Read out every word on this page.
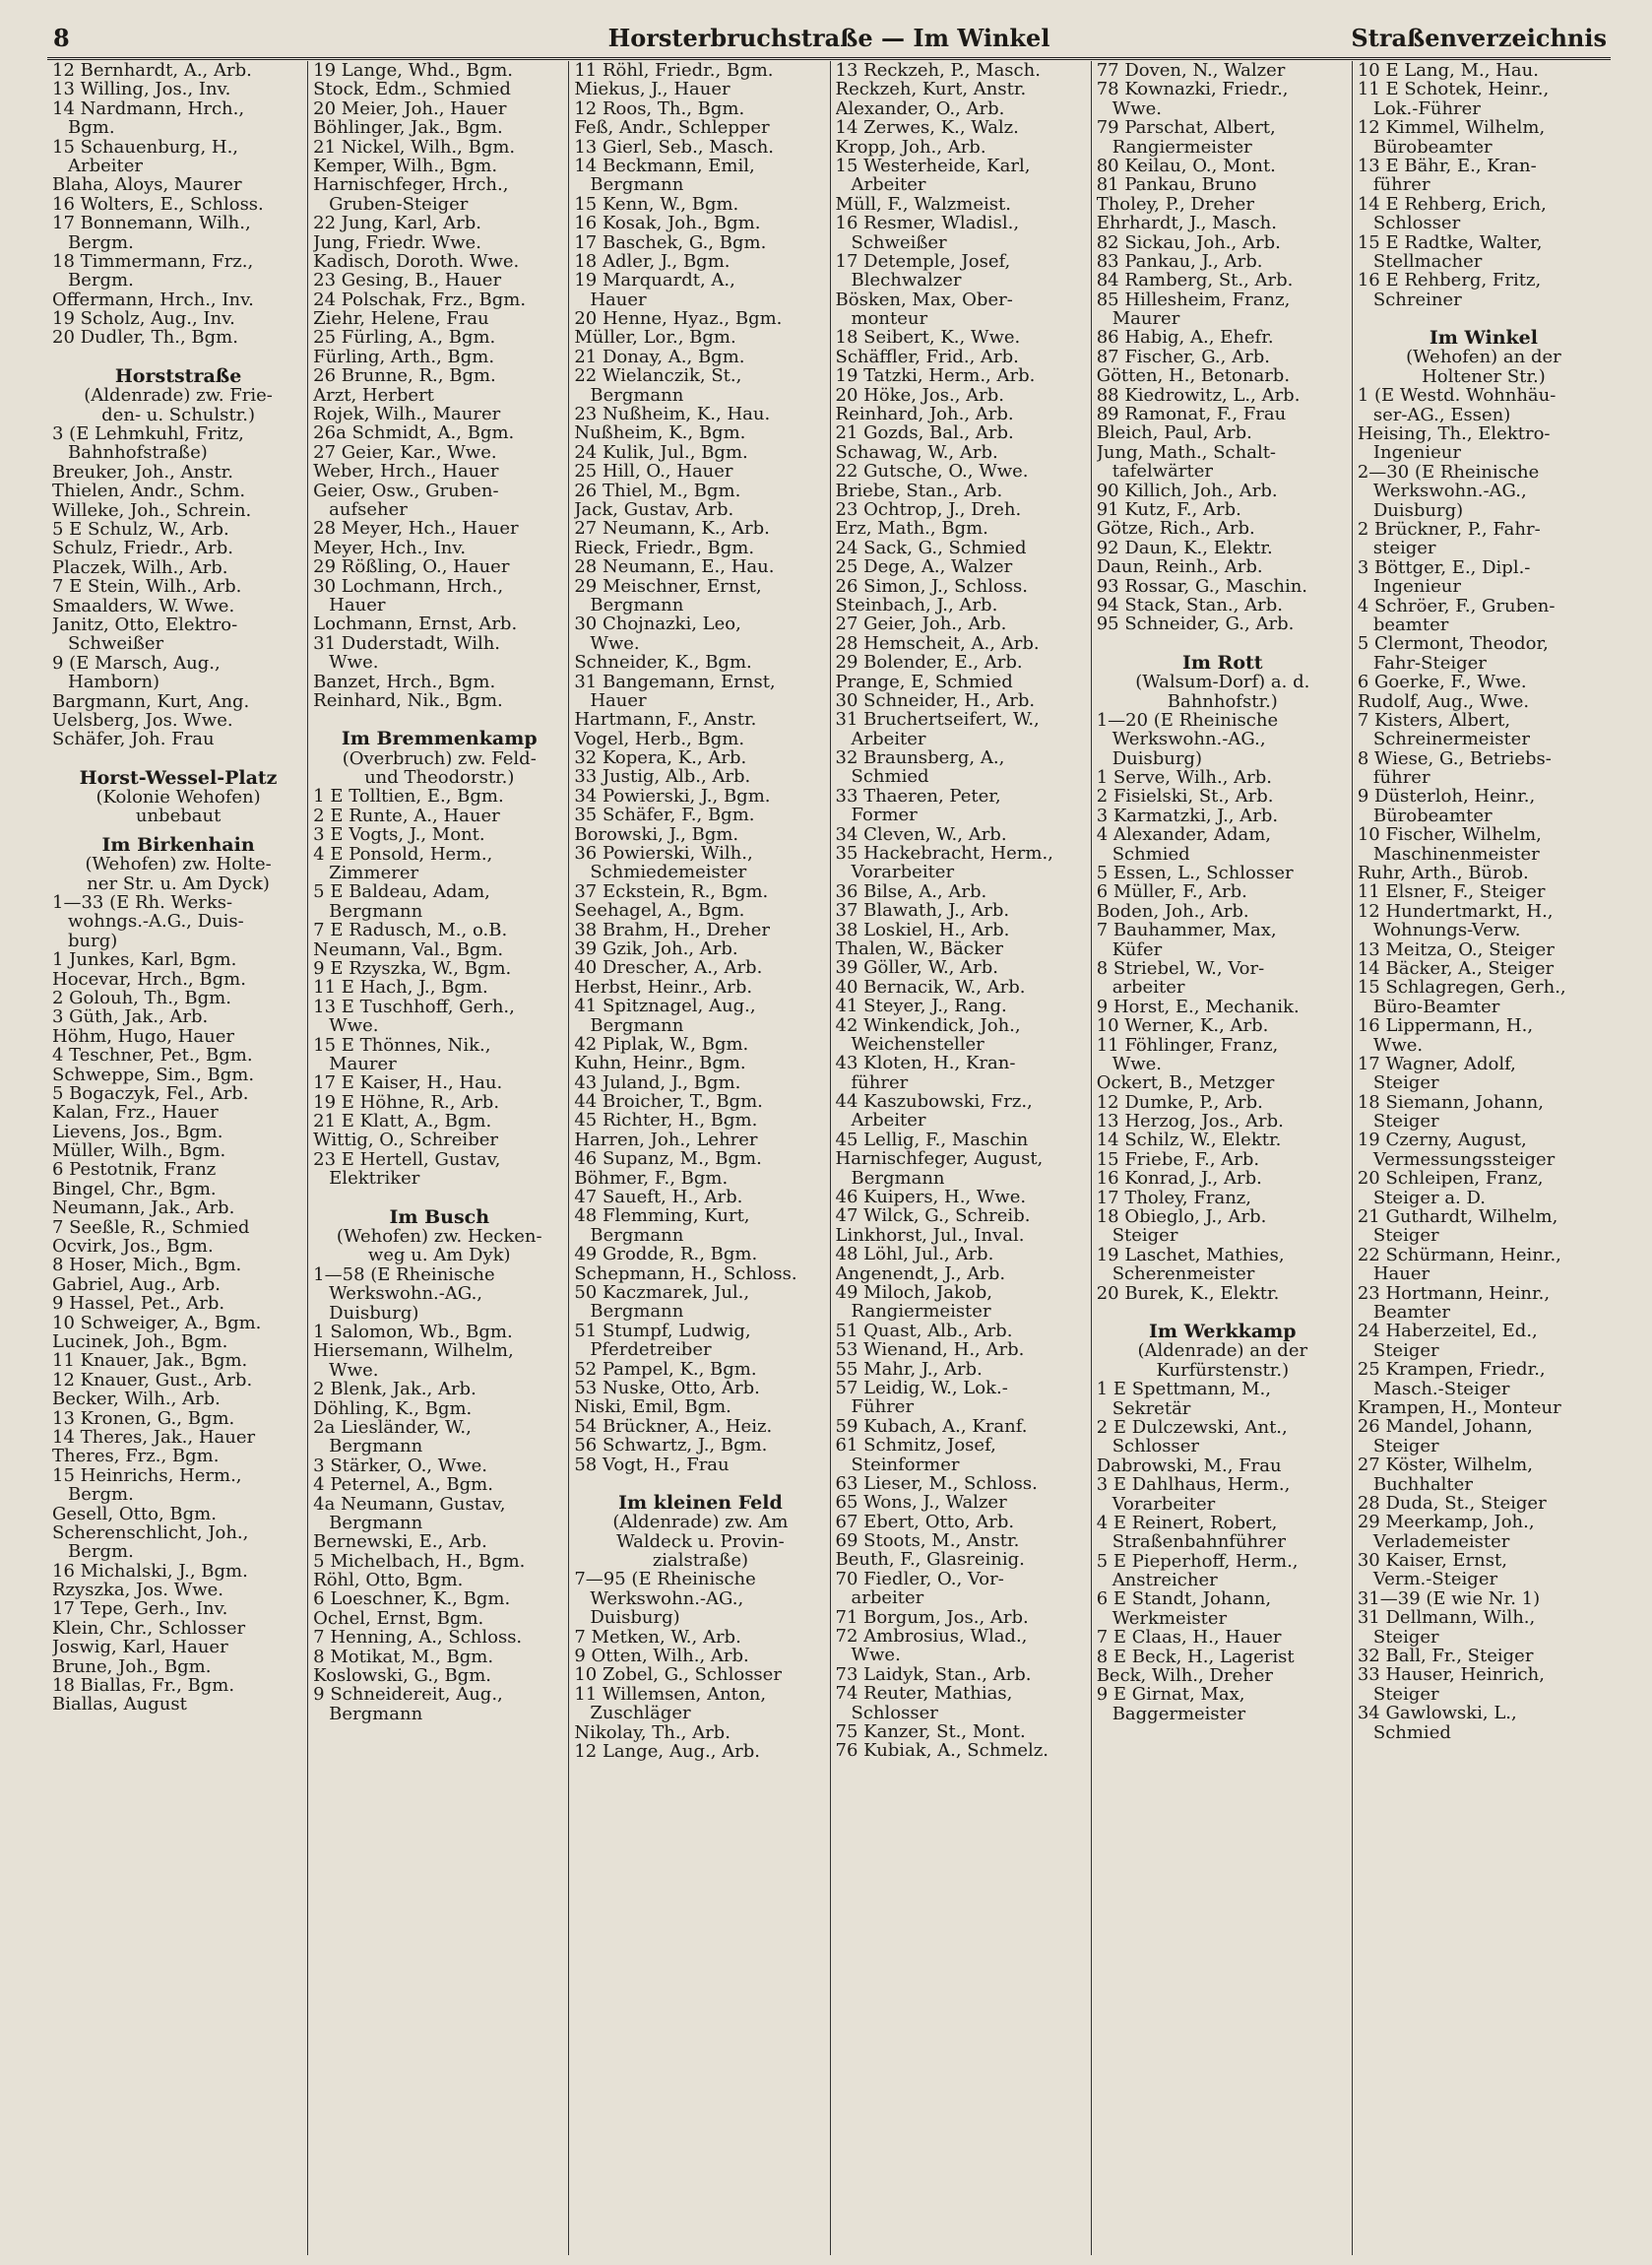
Horsterbruchstraße — Im Winkel
8	Straßenverzeichnis
12 Bernhardt, A., Arb.
13 Willing, Jos., Inv.
14 Nardmann, Hrch.,
Bgm.
15 Schauenburg, H.,
Arbeiter
Blaha, Aloys, Maurer
16 Wolters, E., Schloss.
17 Bonnemann, Wilh.,
Bergm.
18 Timmermann, Frz.,
Bergm.
Offermann, Hrch., Inv.
19 Scholz, Aug., Inv.
20 Dudler, Th., Bgm.
Horststraße
(Aldenrade) zw. Frie-
den- u. Schulstr.)
3 (E Lehmkuhl, Fritz,
Bahnhofstraße)
Breuker, Joh., Anstr.
Thielen, Andr., Schm.
Willeke, Joh., Schrein.
5 E Schulz, W., Arb.
Schulz, Friedr., Arb.
Placzek, Wilh., Arb.
7 E Stein, Wilh., Arb.
Smaalders, W. Wwe.
Janitz, Otto, Elektro-
Schweißer
9 (E Marsch, Aug.,
Hamborn)
Bargmann, Kurt, Ang.
Uelsberg, Jos. Wwe.
Schäfer, Joh. Frau
Horst-Wessel-Platz
(Kolonie Wehofen)
unbebaut
Im Birkenhain
(Wehofen) zw. Holte-
ner Str. u. Am Dyck)
1—33 (E Rh. Werks-
wohngs.-A.G., Duis-
burg)
1 Junkes, Karl, Bgm.
Hocevar, Hrch., Bgm.
2 Golouh, Th., Bgm.
3 Güth, Jak., Arb.
Höhm, Hugo, Hauer
4 Teschner, Pet., Bgm.
Schweppe, Sim., Bgm.
5 Bogaczyk, Fel., Arb.
Kalan, Frz., Hauer
Lievens, Jos., Bgm.
Müller, Wilh., Bgm.
6 Pestotnik, Franz
Bingel, Chr., Bgm.
Neumann, Jak., Arb.
7 Seeßle, R., Schmied
Ocvirk, Jos., Bgm.
8 Hoser, Mich., Bgm.
Gabriel, Aug., Arb.
9 Hassel, Pet., Arb.
10 Schweiger, A., Bgm.
Lucinek, Joh., Bgm.
11 Knauer, Jak., Bgm.
12 Knauer, Gust., Arb.
Becker, Wilh., Arb.
13 Kronen, G., Bgm.
14 Theres, Jak., Hauer
Theres, Frz., Bgm.
15 Heinrichs, Herm.,
Bergm.
Gesell, Otto, Bgm.
Scherenschlicht, Joh.,
Bergm.
16 Michalski, J., Bgm.
Rzyszka, Jos. Wwe.
17 Tepe, Gerh., Inv.
Klein, Chr., Schlosser
Joswig, Karl, Hauer
Brune, Joh., Bgm.
18 Biallas, Fr., Bgm.
Biallas, August
19 Lange, Whd., Bgm.
Stock, Edm., Schmied
20 Meier, Joh., Hauer
Böhlinger, Jak., Bgm.
21 Nickel, Wilh., Bgm.
Kemper, Wilh., Bgm.
Harnischfeger, Hrch.,
Gruben-Steiger
22 Jung, Karl, Arb.
Jung, Friedr. Wwe.
Kadisch, Doroth. Wwe.
23 Gesing, B., Hauer
24 Polschak, Frz., Bgm.
Ziehr, Helene, Frau
25 Fürling, A., Bgm.
Fürling, Arth., Bgm.
26 Brunne, R., Bgm.
Arzt, Herbert
Rojek, Wilh., Maurer
26a Schmidt, A., Bgm.
27 Geier, Kar., Wwe.
Weber, Hrch., Hauer
Geier, Osw., Gruben-
aufseher
28 Meyer, Hch., Hauer
Meyer, Hch., Inv.
29 Rößling, O., Hauer
30 Lochmann, Hrch.,
Hauer
Lochmann, Ernst, Arb.
31 Duderstadt, Wilh.
Wwe.
Banzet, Hrch., Bgm.
Reinhard, Nik., Bgm.
Im Bremmenkamp
(Overbruch) zw. Feld-
und Theodorstr.)
1 E Tolltien, E., Bgm.
2 E Runte, A., Hauer
3 E Vogts, J., Mont.
4 E Ponsold, Herm.,
Zimmerer
5 E Baldeau, Adam,
Bergmann
7 E Radusch, M., o.B.
Neumann, Val., Bgm.
9 E Rzyszka, W., Bgm.
11 E Hach, J., Bgm.
13 E Tuschhoff, Gerh.,
Wwe.
15 E Thönnes, Nik.,
Maurer
17 E Kaiser, H., Hau.
19 E Höhne, R., Arb.
21 E Klatt, A., Bgm.
Wittig, O., Schreiber
23 E Hertell, Gustav,
Elektriker
Im Busch
(Wehofen) zw. Hecken-
weg u. Am Dyk)
1—58 (E Rheinische
Werkswohn.-AG.,
Duisburg)
1 Salomon, Wb., Bgm.
Hiersemann, Wilhelm,
Wwe.
2 Blenk, Jak., Arb.
Döhling, K., Bgm.
2a Liesländer, W.,
Bergmann
3 Stärker, O., Wwe.
4 Peternel, A., Bgm.
4a Neumann, Gustav,
Bergmann
Bernewski, E., Arb.
5 Michelbach, H., Bgm.
Röhl, Otto, Bgm.
6 Loeschner, K., Bgm.
Ochel, Ernst, Bgm.
7 Henning, A., Schloss.
8 Motikat, M., Bgm.
Koslowski, G., Bgm.
9 Schneidereit, Aug.,
Bergmann
11 Röhl, Friedr., Bgm.
Miekus, J., Hauer
12 Roos, Th., Bgm.
Feß, Andr., Schlepper
13 Gierl, Seb., Masch.
14 Beckmann, Emil,
Bergmann
15 Kenn, W., Bgm.
16 Kosak, Joh., Bgm.
17 Baschek, G., Bgm.
18 Adler, J., Bgm.
19 Marquardt, A.,
Hauer
20 Henne, Hyaz., Bgm.
Müller, Lor., Bgm.
21 Donay, A., Bgm.
22 Wielanczik, St.,
Bergmann
23 Nußheim, K., Hau.
Nußheim, K., Bgm.
24 Kulik, Jul., Bgm.
25 Hill, O., Hauer
26 Thiel, M., Bgm.
Jack, Gustav, Arb.
27 Neumann, K., Arb.
Rieck, Friedr., Bgm.
28 Neumann, E., Hau.
29 Meischner, Ernst,
Bergmann
30 Chojnazki, Leo,
Wwe.
Schneider, K., Bgm.
31 Bangemann, Ernst,
Hauer
Hartmann, F., Anstr.
Vogel, Herb., Bgm.
32 Kopera, K., Arb.
33 Justig, Alb., Arb.
34 Powierski, J., Bgm.
35 Schäfer, F., Bgm.
Borowski, J., Bgm.
36 Powierski, Wilh.,
Schmiedemeister
37 Eckstein, R., Bgm.
Seehagel, A., Bgm.
38 Brahm, H., Dreher
39 Gzik, Joh., Arb.
40 Drescher, A., Arb.
Herbst, Heinr., Arb.
41 Spitznagel, Aug.,
Bergmann
42 Piplak, W., Bgm.
Kuhn, Heinr., Bgm.
43 Juland, J., Bgm.
44 Broicher, T., Bgm.
45 Richter, H., Bgm.
Harren, Joh., Lehrer
46 Supanz, M., Bgm.
Böhmer, F., Bgm.
47 Saueft, H., Arb.
48 Flemming, Kurt,
Bergmann
49 Grodde, R., Bgm.
Schepmann, H., Schloss.
50 Kaczmarek, Jul.,
Bergmann
51 Stumpf, Ludwig,
Pferdetreiber
52 Pampel, K., Bgm.
53 Nuske, Otto, Arb.
Niski, Emil, Bgm.
54 Brückner, A., Heiz.
56 Schwartz, J., Bgm.
58 Vogt, H., Frau
Im kleinen Feld
(Aldenrade) zw. Am
Waldeck u. Provin-
zialstraße)
7—95 (E Rheinische
Werkswohn.-AG.,
Duisburg)
7 Metken, W., Arb.
9 Otten, Wilh., Arb.
10 Zobel, G., Schlosser
11 Willemsen, Anton,
Zuschläger
Nikolay, Th., Arb.
12 Lange, Aug., Arb.
13 Reckzeh, P., Masch.
Reckzeh, Kurt, Anstr.
Alexander, O., Arb.
14 Zerwes, K., Walz.
Kropp, Joh., Arb.
15 Westerheide, Karl,
Arbeiter
Müll, F., Walzmeist.
16 Resmer, Wladisl.,
Schweißer
17 Detemple, Josef,
Blechwalzer
Bösken, Max, Ober-
monteur
18 Seibert, K., Wwe.
Schäffler, Frid., Arb.
19 Tatzki, Herm., Arb.
20 Höke, Jos., Arb.
Reinhard, Joh., Arb.
21 Gozds, Bal., Arb.
Schawag, W., Arb.
22 Gutsche, O., Wwe.
Briebe, Stan., Arb.
23 Ochtrop, J., Dreh.
Erz, Math., Bgm.
24 Sack, G., Schmied
25 Dege, A., Walzer
26 Simon, J., Schloss.
Steinbach, J., Arb.
27 Geier, Joh., Arb.
28 Hemscheit, A., Arb.
29 Bolender, E., Arb.
Prange, E, Schmied
30 Schneider, H., Arb.
31 Bruchertseifert, W.,
Arbeiter
32 Braunsberg, A.,
Schmied
33 Thaeren, Peter,
Former
34 Cleven, W., Arb.
35 Hackebracht, Herm.,
Vorarbeiter
36 Bilse, A., Arb.
37 Blawath, J., Arb.
38 Loskiel, H., Arb.
Thalen, W., Bäcker
39 Göller, W., Arb.
40 Bernacik, W., Arb.
41 Steyer, J., Rang.
42 Winkendick, Joh.,
Weichensteller
43 Kloten, H., Kran-
führer
44 Kaszubowski, Frz.,
Arbeiter
45 Lellig, F., Maschin
Harnischfeger, August,
Bergmann
46 Kuipers, H., Wwe.
47 Wilck, G., Schreib.
Linkhorst, Jul., Inval.
48 Löhl, Jul., Arb.
Angenendt, J., Arb.
49 Miloch, Jakob,
Rangiermeister
51 Quast, Alb., Arb.
53 Wienand, H., Arb.
55 Mahr, J., Arb.
57 Leidig, W., Lok.-
Führer
59 Kubach, A., Kranf.
61 Schmitz, Josef,
Steinformer
63 Lieser, M., Schloss.
65 Wons, J., Walzer
67 Ebert, Otto, Arb.
69 Stoots, M., Anstr.
Beuth, F., Glasreinig.
70 Fiedler, O., Vor-
arbeiter
71 Borgum, Jos., Arb.
72 Ambrosius, Wlad.,
Wwe.
73 Laidyk, Stan., Arb.
74 Reuter, Mathias,
Schlosser
75 Kanzer, St., Mont.
76 Kubiak, A., Schmelz.
77 Doven, N., Walzer
78 Kownazki, Friedr.,
Wwe.
79 Parschat, Albert,
Rangiermeister
80 Keilau, O., Mont.
81 Pankau, Bruno
Tholey, P., Dreher
Ehrhardt, J., Masch.
82 Sickau, Joh., Arb.
83 Pankau, J., Arb.
84 Ramberg, St., Arb.
85 Hillesheim, Franz,
Maurer
86 Habig, A., Ehefr.
87 Fischer, G., Arb.
Götten, H., Betonarb.
88 Kiedrowitz, L., Arb.
89 Ramonat, F., Frau
Bleich, Paul, Arb.
Jung, Math., Schalt-
tafelwärter
90 Killich, Joh., Arb.
91 Kutz, F., Arb.
Götze, Rich., Arb.
92 Daun, K., Elektr.
Daun, Reinh., Arb.
93 Rossar, G., Maschin.
94 Stack, Stan., Arb.
95 Schneider, G., Arb.
Im Rott
(Walsum-Dorf) a. d.
Bahnhofstr.)
1—20 (E Rheinische
Werkswohn.-AG.,
Duisburg)
1 Serve, Wilh., Arb.
2 Fisielski, St., Arb.
3 Karmatzki, J., Arb.
4 Alexander, Adam,
Schmied
5 Essen, L., Schlosser
6 Müller, F., Arb.
Boden, Joh., Arb.
7 Bauhammer, Max,
Küfer
8 Striebel, W., Vor-
arbeiter
9 Horst, E., Mechanik.
10 Werner, K., Arb.
11 Föhlinger, Franz,
Wwe.
Ockert, B., Metzger
12 Dumke, P., Arb.
13 Herzog, Jos., Arb.
14 Schilz, W., Elektr.
15 Friebe, F., Arb.
16 Konrad, J., Arb.
17 Tholey, Franz,
18 Obieglo, J., Arb.
Steiger
19 Laschet, Mathies,
Scherenmeister
20 Burek, K., Elektr.
Im Werkkamp
(Aldenrade) an der
Kurfürstenstr.)
1 E Spettmann, M.,
Sekretär
2 E Dulczewski, Ant.,
Schlosser
Dabrowski, M., Frau
3 E Dahlhaus, Herm.,
Vorarbeiter
4 E Reinert, Robert,
Straßenbahnführer
5 E Pieperhoff, Herm.,
Anstreicher
6 E Standt, Johann,
Werkmeister
7 E Claas, H., Hauer
8 E Beck, H., Lagerist
Beck, Wilh., Dreher
9 E Girnat, Max,
Baggermeister
10 E Lang, M., Hau.
11 E Schotek, Heinr.,
Lok.-Führer
12 Kimmel, Wilhelm,
Bürobeamter
13 E Bähr, E., Kran-
führer
14 E Rehberg, Erich,
Schlosser
15 E Radtke, Walter,
Stellmacher
16 E Rehberg, Fritz,
Schreiner
Im Winkel
(Wehofen) an der
Holtener Str.)
1 (E Westd. Wohnhäu-
ser-AG., Essen)
Heising, Th., Elektro-
Ingenieur
2—30 (E Rheinische
Werkswohn.-AG.,
Duisburg)
2 Brückner, P., Fahr-
steiger
3 Böttger, E., Dipl.-
Ingenieur
4 Schröer, F., Gruben-
beamter
5 Clermont, Theodor,
Fahr-Steiger
6 Goerke, F., Wwe.
Rudolf, Aug., Wwe.
7 Kisters, Albert,
Schreinermeister
8 Wiese, G., Betriebs-
führer
9 Düsterloh, Heinr.,
Bürobeamter
10 Fischer, Wilhelm,
Maschinenmeister
Ruhr, Arth., Bürob.
11 Elsner, F., Steiger
12 Hundertmarkt, H.,
Wohnungs-Verw.
13 Meitza, O., Steiger
14 Bäcker, A., Steiger
15 Schlagregen, Gerh.,
Büro-Beamter
16 Lippermann, H.,
Wwe.
17 Wagner, Adolf,
Steiger
18 Siemann, Johann,
Steiger
19 Czerny, August,
Vermessungssteiger
20 Schleipen, Franz,
Steiger a. D.
21 Guthardt, Wilhelm,
Steiger
22 Schürmann, Heinr.,
Hauer
23 Hortmann, Heinr.,
Beamter
24 Haberzeitel, Ed.,
Steiger
25 Krampen, Friedr.,
Masch.-Steiger
Krampen, H., Monteur
26 Mandel, Johann,
Steiger
27 Köster, Wilhelm,
Buchhalter
28 Duda, St., Steiger
29 Meerkamp, Joh.,
Verlademeister
30 Kaiser, Ernst,
Verm.-Steiger
31—39 (E wie Nr. 1)
31 Dellmann, Wilh.,
Steiger
32 Ball, Fr., Steiger
33 Hauser, Heinrich,
Steiger
34 Gawlowski, L.,
Schmied
